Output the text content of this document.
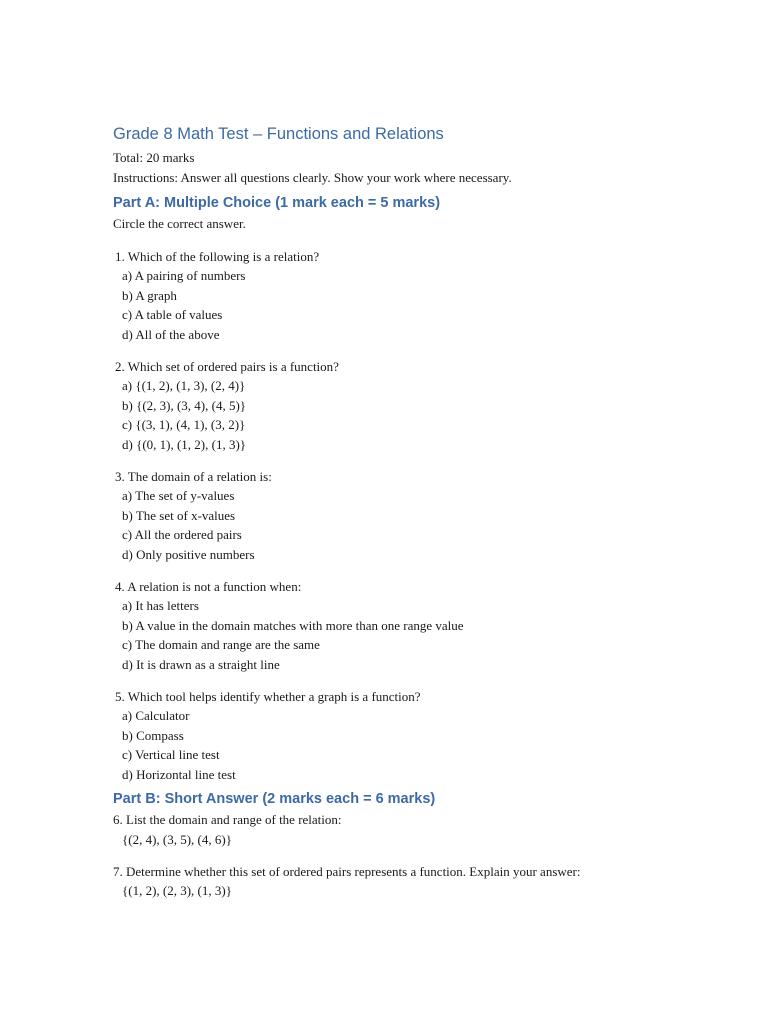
Grade 8 Math Test – Functions and Relations

Total: 20 marks

Instructions: Answer all questions clearly. Show your work where necessary.

Part A: Multiple Choice (1 mark each = 5 marks)

Circle the correct answer.

1. Which of the following is a relation?

a) A pairing of numbers

b) A graph

c) A table of values

d) All of the above

2. Which set of ordered pairs is a function?

a) {(1, 2), (1, 3), (2, 4)}

b) {(2, 3), (3, 4), (4, 5)}

c) {(3, 1), (4, 1), (3, 2)}

d) {(0, 1), (1, 2), (1, 3)}

3. The domain of a relation is:

a) The set of y-values

b) The set of x-values

c) All the ordered pairs

d) Only positive numbers

4. A relation is not a function when:

a) It has letters

b) A value in the domain matches with more than one range value

c) The domain and range are the same

d) It is drawn as a straight line

5. Which tool helps identify whether a graph is a function?

a) Calculator

b) Compass

c) Vertical line test

d) Horizontal line test

Part B: Short Answer (2 marks each = 6 marks)

6. List the domain and range of the relation:

{(2, 4), (3, 5), (4, 6)}

7. Determine whether this set of ordered pairs represents a function. Explain your answer:

{(1, 2), (2, 3), (1, 3)}
